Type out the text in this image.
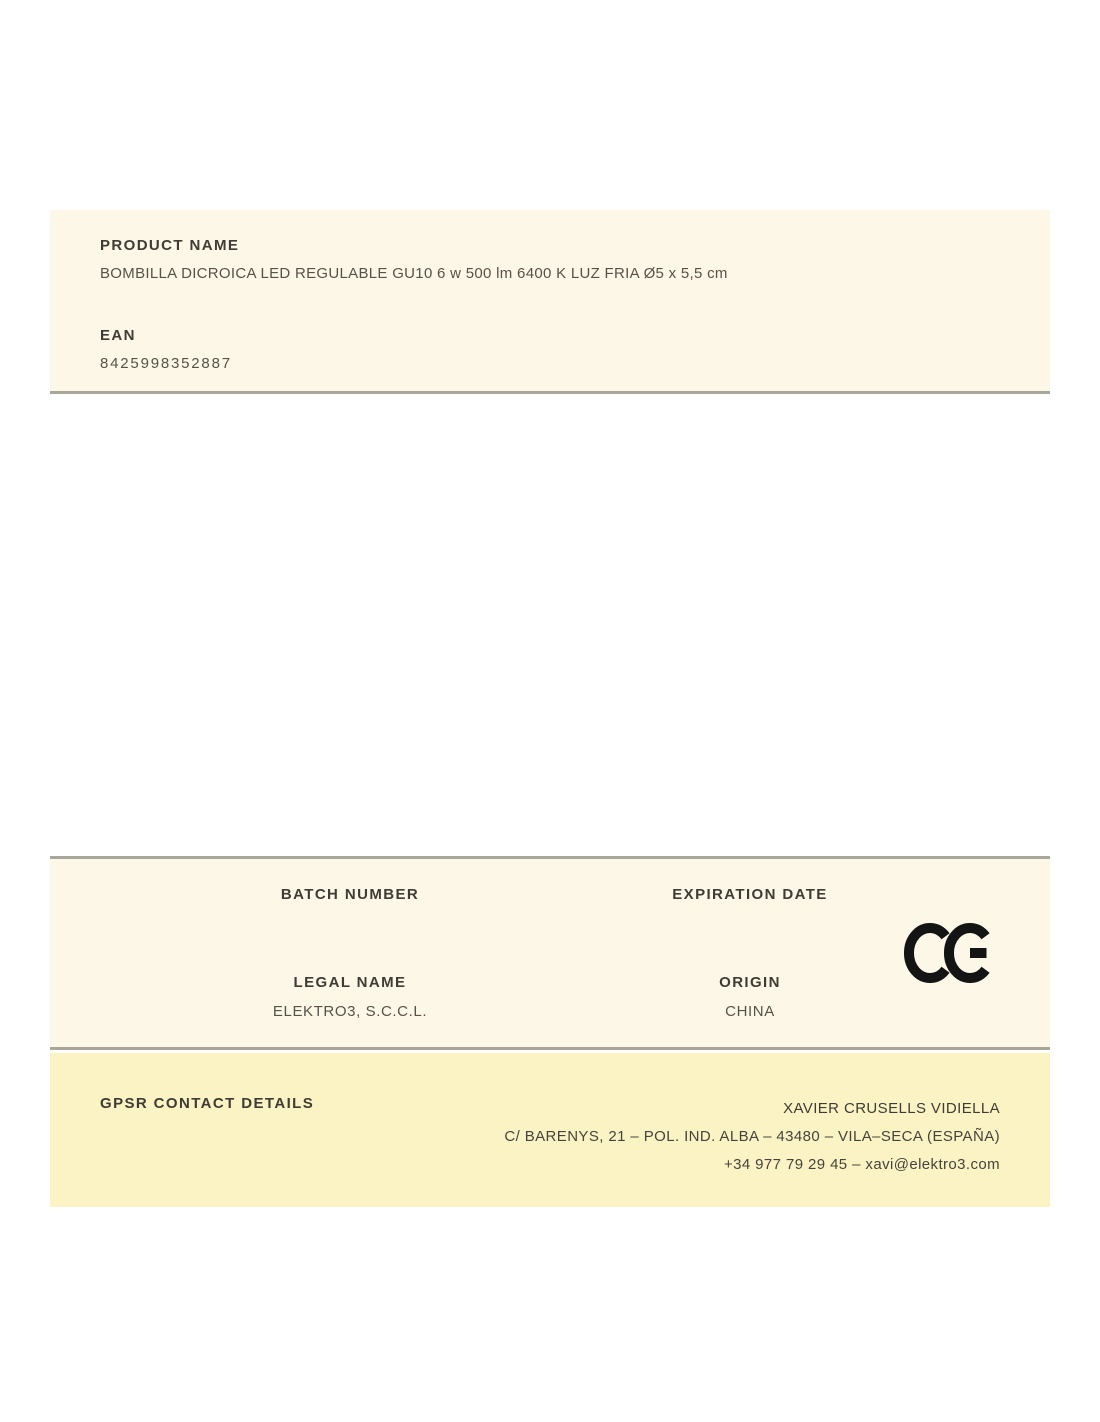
PRODUCT NAME
BOMBILLA DICROICA LED REGULABLE GU10 6 w 500 lm 6400 K LUZ FRIA Ø5 x 5,5 cm
EAN
8425998352887
BATCH NUMBER	EXPIRATION DATE
LEGAL NAME
ELEKTRO3, S.C.C.L.
ORIGIN
CHINA
GPSR CONTACT DETAILS	XAVIER CRUSELLS VIDIELLA
C/ BARENYS, 21 – POL. IND. ALBA – 43480 – VILA–SECA (ESPAÑA)
+34 977 79 29 45 – xavi@elektro3.com
